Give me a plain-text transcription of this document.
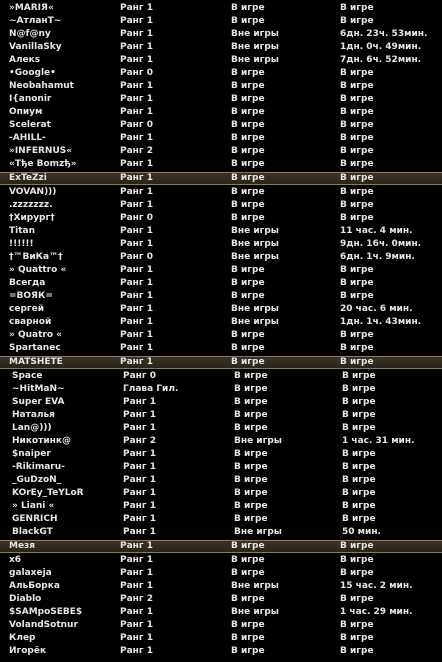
»MARIЯ«	Ранг 1	В игре	В игре
~АтланТ~	Ранг 1	В игре	В игре
N@f@ny	Ранг 1	Вне игры	6дн. 23ч. 53мин.
VanillaSky	Ранг 1	Вне игры	1дн. 0ч. 49мин.
Алекs	Ранг 1	Вне игры	7дн. 6ч. 52мин.
•Google•	Ранг 0	В игре	В игре
Neobahamut	Ранг 1	В игре	В игре
I{anonir	Ранг 1	В игре	В игре
Опиум	Ранг 1	В игре	В игре
Scelerat	Ранг 0	В игре	В игре
-AHILL-	Ранг 1	В игре	В игре
»INFERNUS«	Ранг 2	В игре	В игре
«Tђe Bomzђ»	Ранг 1	В игре	В игре
ExTeZzi	Ранг 1	В игре	В игре
VOVAN)))	Ранг 1	В игре	В игре
.zzzzzzz.	Ранг 1	В игре	В игре
†Хирург†	Ранг 0	В игре	В игре
Titan	Ранг 1	Вне игры	11 час. 4 мин.
!!!!!!	Ранг 1	Вне игры	9дн. 16ч. 0мин.
†™ВиКа™†	Ранг 0	Вне игры	6дн. 1ч. 9мин.
» Quattro «	Ранг 1	В игре	В игре
Всегда	Ранг 1	В игре	В игре
=ВОЯК=	Ранг 1	В игре	В игре
сергей	Ранг 1	Вне игры	20 час. 6 мин.
сварной	Ранг 1	Вне игры	1дн. 1ч. 43мин.
» Quatro «	Ранг 1	В игре	В игре
Spartanec	Ранг 1	В игре	В игре
MATSHETE	Ранг 1	В игре	В игре
Space	Ранг 0	В игре	В игре
~HitMaN~	Глава Гил.	В игре	В игре
Super EVA	Ранг 1	В игре	В игре
Наталья	Ранг 1	В игре	В игре
Lan@)))	Ранг 1	В игре	В игре
Никотинк@	Ранг 2	Вне игры	1 час. 31 мин.
$naiper	Ранг 1	В игре	В игре
-Rikimaru-	Ранг 1	В игре	В игре
_GuDzoN_	Ранг 1	В игре	В игре
KOrEy_TeYLoR	Ранг 1	В игре	В игре
» Liani «	Ранг 1	В игре	В игре
GENRICH	Ранг 1	В игре	В игре
BlackGT	Ранг 1	Вне игры	50 мин.
Мезя	Ранг 1	В игре	В игре
x6	Ранг 1	В игре	В игре
galaxeja	Ранг 1	В игре	В игре
АльБорка	Ранг 1	Вне игры	15 час. 2 мин.
Diablo	Ранг 2	В игре	В игре
$SAMpoSEBE$	Ранг 1	Вне игры	1 час. 29 мин.
VolandSotnur	Ранг 1	В игре	В игре
Клер	Ранг 1	В игре	В игре
Игорёк	Ранг 1	В игре	В игре
